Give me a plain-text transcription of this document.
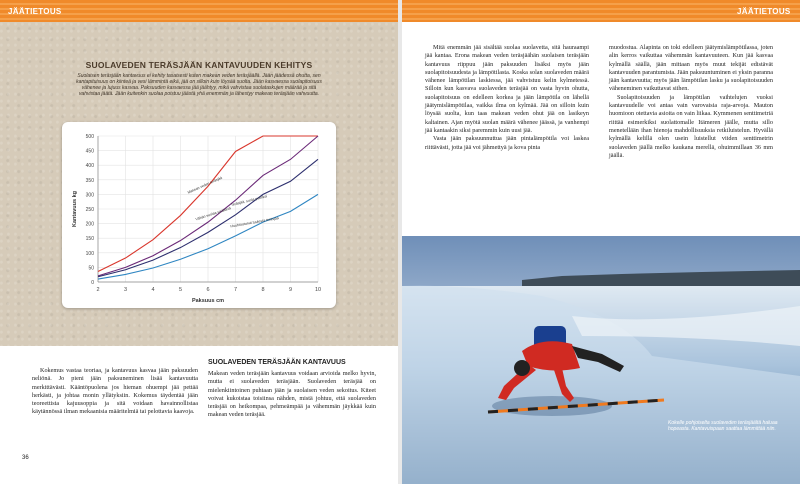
JÄÄTIETOUS	JÄÄTIETOUS
SUOLAVEDEN TERÄSJÄÄN KANTAVUUDEN KEHITYS
Suolaisen teräsjään kantavuus ei kehity tasaisesti kuten makean veden teräsjäällä. Jään jäädessä ohutta, sen kantapituisuus on kiinteä ja vesi lämmintä eikä, jää on silloin kuin löysää suolta. Jään kasvaessa suolapitoisuus vähenee ja lujuus kasvaa. Paksuuden kasvaessa jää jäähtyy, mikä vahvistaa suolataskujen määrää ja sitä vahvistaa jäätä. Jään kuitenkin suolaa poistuu jäästä yhä enemmän ja lähestyy makean teräsjään vahvuutta.
0
50
100
150
200
250
300
350
400
450
500
2	3	4	5	6	7	8	9	10
Paksuus cm
Kantavuus kg
Makean veden teräsjää
Vähän suolaa sisältävä
Teräsjää, suola puoliksi
Huuhtoutunut tuulesta teräsjää

Kokemus vastaa teoriaa, ja kantavuus kasvaa jään paksuuden neliönä. Jo pieni jään paksuneminen lisää kantavuutta merkittävästi. Kääntöpuolena jos hieman ohuempi jää pettää herkästi, ja johtaa monin yllätyksiin. Kokemus täydentää jään teoreettista kajuusoppia ja sitä voidaan havainnollistaa käytännössä ilman mekaanisia määritelmiä tai pelottavia kaavoja.

SUOLAVEDEN TERÄSJÄÄN KANTAVUUS

Makean veden teräsjään kantavuus voidaan arvioida melko hyvin, mutta ei suolaveden teräsjään. Suolaveden teräsjää on mielenkiintoinen puhtaan jään ja suolaisen veden sekoitus. Kiteet voivat kukoistaa toisiinsa nähden, mistä johtuu, että suolaveden teräsjää on heikompaa, pehmeämpää ja vähemmän jäykkää kuin makean veden teräsjää.

36

Mitä enemmän jää sisältää suolaa suolavetta, sitä hauraampi jää kantaa. Erona makean veden teräsjäähän suolaisen teräsjään kantavuus riippuu jään paksuuden lisäksi myös jään suolapitoisuudesta ja lämpötilasta. Koska solan suolaveden määrä vähenee lämpötilan laskiessa, jää vahvistuu kelin kylmetessä. Silloin kun kasvava suolaveden teräsjää on vasta hyvin ohutta, suolapitoisuus on edelleen korkea ja jään lämpötila on lähellä jäätymislämpötilaa, vaikka ilma on kylmää. Jää on silloin kuin löysää suolta, kun taas makean veden ohut jää on lasikeyn kaltainen. Ajan myötä suolan määrä vähenee jäässä, ja vanhempi jää kantaakin siksi paremmin kuin uusi jää.

Vasta jään paksuunnuttua jään pintalämpötila voi laskea riittävästi, jotta jää voi jähmettyä ja kova pinta

muodostua. Alapinta on toki edelleen jäätymislämpötilassa, joten alin kerros vaikuttaa vähemmän kantavuuteen. Kun jää kasvaa kylmällä säällä, jään mittaan myös muut tekijät edistävät kantavuuden parantumista. Jään paksuuntuminen ei yksin paranna jään kantavuutta; myös jään lämpötilan lasku ja suolapitoisuuden väheneminen vaikuttavat siihen.

Suolapitoisuuden ja lämpötilan vaihtelujen vuoksi kantavuudelle voi antaa vain varovaisia raja-arvoja. Mauton huomioon otettavia asioita on vain liikaa. Kymmenen senttimetriä riittää esimerkiksi suolattomalle Itämeren jäälle, mutta sillo menetellään ihan hienoja mahdollisuuksia retkiluistelun. Hyvällä kylmällä kelillä olen usein luistellut viiden senttimetrin suolaveden jäällä melko kaukana merellä, ohuimmillaan 36 mm jäällä.

Kokelle pohjoiselta suolaveden teräsjäältä haluaa hopeasta. Kantavuispaan saattaa lämmittää niin.
